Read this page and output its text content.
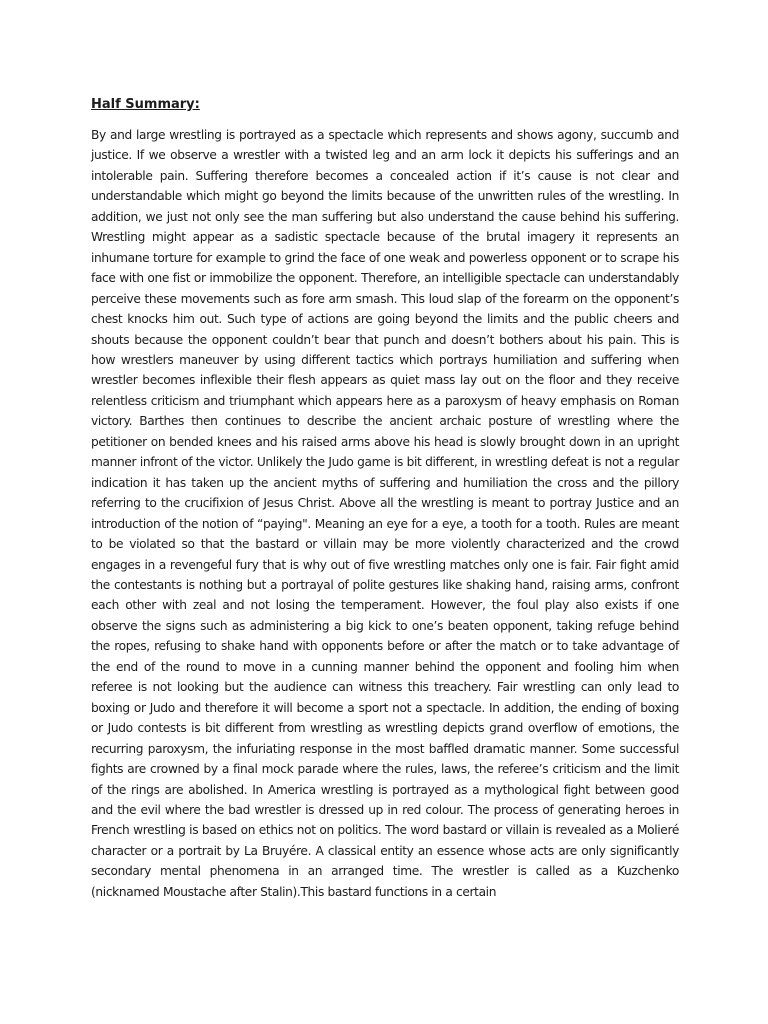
Half Summary:

By and large wrestling is portrayed as a spectacle which represents and shows agony, succumb and justice. If we observe a wrestler with a twisted leg and an arm lock it depicts his sufferings and an intolerable pain. Suffering therefore becomes a concealed action if it’s cause is not clear and understandable which might go beyond the limits because of the unwritten rules of the wrestling. In addition, we just not only see the man suffering but also understand the cause behind his suffering. Wrestling might appear as a sadistic spectacle because of the brutal imagery it represents an inhumane torture for example to grind the face of one weak and powerless opponent or to scrape his face with one fist or immobilize the opponent. Therefore, an intelligible spectacle can understandably perceive these movements such as fore arm smash. This loud slap of the forearm on the opponent’s chest knocks him out. Such type of actions are going beyond the limits and the public cheers and shouts because the opponent couldn’t bear that punch and doesn’t bothers about his pain. This is how wrestlers maneuver by using different tactics which portrays humiliation and suffering when wrestler becomes inflexible their flesh appears as quiet mass lay out on the floor and they receive relentless criticism and triumphant which appears here as a paroxysm of heavy emphasis on Roman victory. Barthes then continues to describe the ancient archaic posture of wrestling where the petitioner on bended knees and his raised arms above his head is slowly brought down in an upright manner infront of the victor. Unlikely the Judo game is bit different, in wrestling defeat is not a regular indication it has taken up the ancient myths of suffering and humiliation the cross and the pillory referring to the crucifixion of Jesus Christ. Above all the wrestling is meant to portray Justice and an introduction of the notion of “paying". Meaning an eye for a eye, a tooth for a tooth. Rules are meant to be violated so that the bastard or villain may be more violently characterized and the crowd engages in a revengeful fury that is why out of five wrestling matches only one is fair. Fair fight amid the contestants is nothing but a portrayal of polite gestures like shaking hand, raising arms, confront each other with zeal and not losing the temperament. However, the foul play also exists if one observe the signs such as administering a big kick to one’s beaten opponent, taking refuge behind the ropes, refusing to shake hand with opponents before or after the match or to take advantage of the end of the round to move in a cunning manner behind the opponent and fooling him when referee is not looking but the audience can witness this treachery. Fair wrestling can only lead to boxing or Judo and therefore it will become a sport not a spectacle. In addition, the ending of boxing or Judo contests is bit different from wrestling as wrestling depicts grand overflow of emotions, the recurring paroxysm, the infuriating response in the most baffled dramatic manner. Some successful fights are crowned by a final mock parade where the rules, laws, the referee’s criticism and the limit of the rings are abolished. In America wrestling is portrayed as a mythological fight between good and the evil where the bad wrestler is dressed up in red colour. The process of generating heroes in French wrestling is based on ethics not on politics. The word bastard or villain is revealed as a Molieré character or a portrait by La Bruyére. A classical entity an essence whose acts are only significantly secondary mental phenomena in an arranged time. The wrestler is called as a Kuzchenko (nicknamed Moustache after Stalin).This bastard functions in a certain
